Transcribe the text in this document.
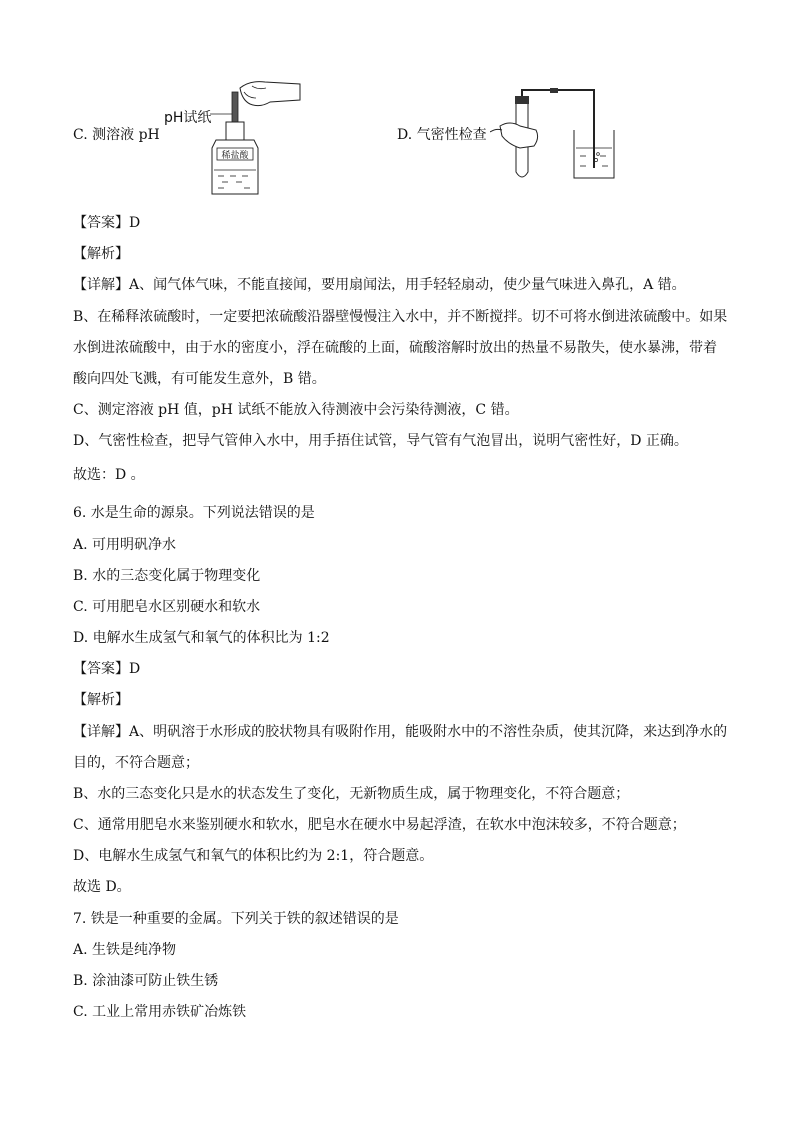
C. 测溶液 pH
pH试纸
稀盐酸
D. 气密性检查
【答案】D
【解析】
【详解】A、闻气体气味，不能直接闻，要用扇闻法，用手轻轻扇动，使少量气味进入鼻孔，A 错。
B、在稀释浓硫酸时，一定要把浓硫酸沿器壁慢慢注入水中，并不断搅拌。切不可将水倒进浓硫酸中。如果
水倒进浓硫酸中，由于水的密度小，浮在硫酸的上面，硫酸溶解时放出的热量不易散失，使水暴沸，带着
酸向四处飞溅，有可能发生意外，B 错。
C、测定溶液 pH 值，pH 试纸不能放入待测液中会污染待测液，C 错。
D、气密性检查，把导气管伸入水中，用手捂住试管，导气管有气泡冒出，说明气密性好，D 正确。
故选：D 。
6. 水是生命的源泉。下列说法错误的是
A. 可用明矾净水
B. 水的三态变化属于物理变化
C. 可用肥皂水区别硬水和软水
D. 电解水生成氢气和氧气的体积比为 1:2
【答案】D
【解析】
【详解】A、明矾溶于水形成的胶状物具有吸附作用，能吸附水中的不溶性杂质，使其沉降，来达到净水的
目的，不符合题意；
B、水的三态变化只是水的状态发生了变化，无新物质生成，属于物理变化，不符合题意；
C、通常用肥皂水来鉴别硬水和软水，肥皂水在硬水中易起浮渣，在软水中泡沫较多，不符合题意；
D、电解水生成氢气和氧气的体积比约为 2:1，符合题意。
故选 D。
7. 铁是一种重要的金属。下列关于铁的叙述错误的是
A. 生铁是纯净物
B. 涂油漆可防止铁生锈
C. 工业上常用赤铁矿冶炼铁
